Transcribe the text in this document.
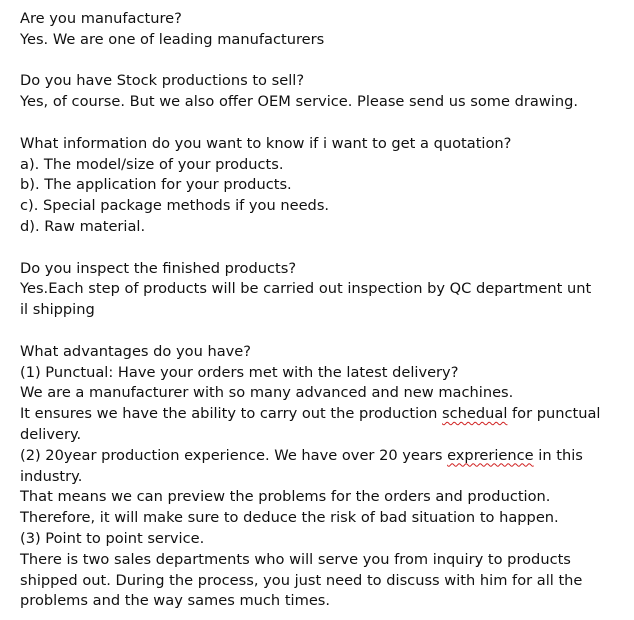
Are you manufacture?
Yes. We are one of leading manufacturers
Do you have Stock productions to sell?
Yes, of course. But we also offer OEM service. Please send us some drawing.
What information do you want to know if i want to get a quotation?
a). The model/size of your products.
b). The application for your products.
c). Special package methods if you needs.
d). Raw material.
Do you inspect the finished products?
Yes.Each step of products will be carried out inspection by QC department unt
il shipping
What advantages do you have?
(1) Punctual: Have your orders met with the latest delivery?
We are a manufacturer with so many advanced and new machines.
It ensures we have the ability to carry out the production schedual for punctual
delivery.
(2) 20year production experience. We have over 20 years exprerience in this
industry.
That means we can preview the problems for the orders and production.
Therefore, it will make sure to deduce the risk of bad situation to happen.
(3) Point to point service.
There is two sales departments who will serve you from inquiry to products
shipped out. During the process, you just need to discuss with him for all the
problems and the way sames much times.
